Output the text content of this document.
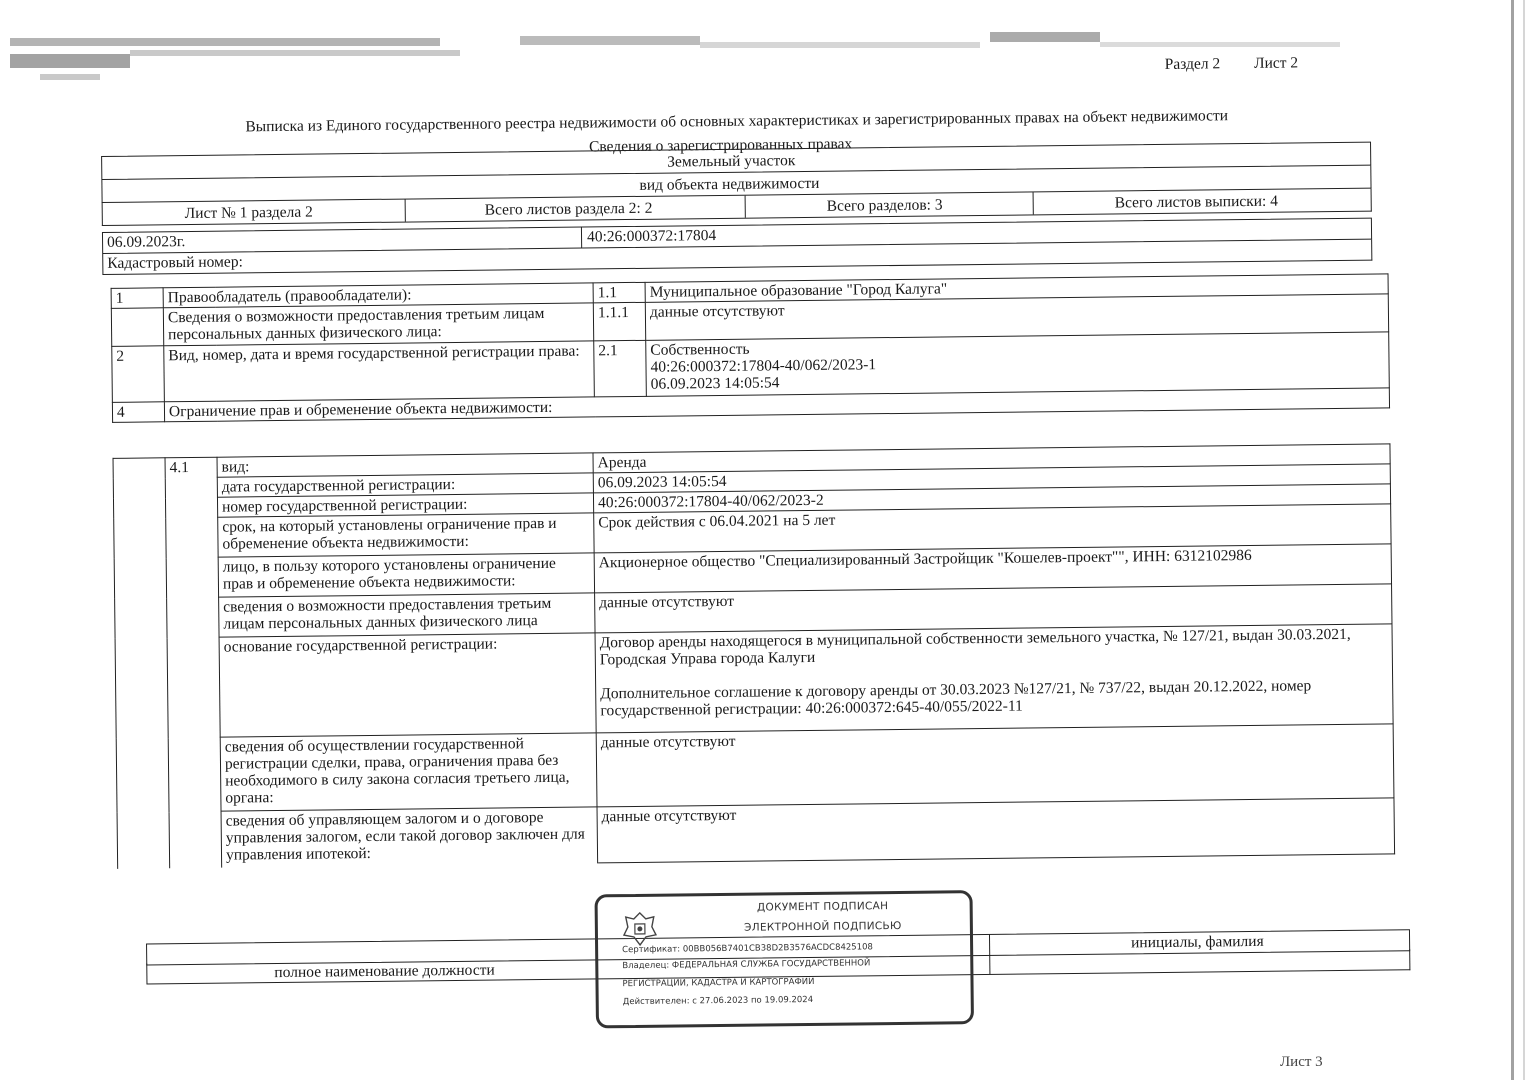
Раздел 2 Лист 2
Выписка из Единого государственного реестра недвижимости об основных характеристиках и зарегистрированных правах на объект недвижимости
Сведения о зарегистрированных правах
Земельный участок
вид объекта недвижимости
Лист № 1 раздела 2	Всего листов раздела 2: 2	Всего разделов: 3	Всего листов выписки: 4
06.09.2023г.	40:26:000372:17804
Кадастровый номер:
1	Правообладатель (правообладатели):	1.1	Муниципальное образование "Город Калуга"
	Сведения о возможности предоставления третьим лицам персональных данных физического лица:	1.1.1	данные отсутствуют
2	Вид, номер, дата и время государственной регистрации права:	2.1	Собственность
40:26:000372:17804-40/062/2023-1
06.09.2023 14:05:54

4	Ограничение прав и обременение объекта недвижимости:		
	4.1	вид:	Аренда
		дата государственной регистрации:	06.09.2023 14:05:54
		номер государственной регистрации:	40:26:000372:17804-40/062/2023-2
		срок, на который установлены ограничение прав и обременение объекта недвижимости:	Срок действия с 06.04.2021 на 5 лет
		лицо, в пользу которого установлены ограничение прав и обременение объекта недвижимости:	Акционерное общество "Специализированный Застройщик "Кошелев-проект"", ИНН: 6312102986
		сведения о возможности предоставления третьим лицам персональных данных физического лица	данные отсутствуют
		основание государственной регистрации:	Договор аренды находящегося в муниципальной собственности земельного участка, № 127/21, выдан 30.03.2021, Городская Управа города Калуги
Дополнительное соглашение к договору аренды от 30.03.2023 №127/21, № 737/22, выдан 20.12.2022, номер государственной регистрации: 40:26:000372:645-40/055/2022-11

		сведения об осуществлении государственной регистрации сделки, права, ограничения права без необходимого в силу закона согласия третьего лица, органа:	данные отсутствуют
		сведения об управляющем залогом и о договоре управления залогом, если такой договор заключен для управления ипотекой:	данные отсутствуют
полное наименование должности
инициалы, фамилия
ДОКУМЕНТ ПОДПИСАН
ЭЛЕКТРОННОЙ ПОДПИСЬЮ
Сертификат: 00BB056B7401CB38D2B3576ACDC8425108
Владелец: ФЕДЕРАЛЬНАЯ СЛУЖБА ГОСУДАРСТВЕННОЙ
РЕГИСТРАЦИИ, КАДАСТРА И КАРТОГРАФИИ
Действителен: с 27.06.2023 по 19.09.2024
Лист 3
